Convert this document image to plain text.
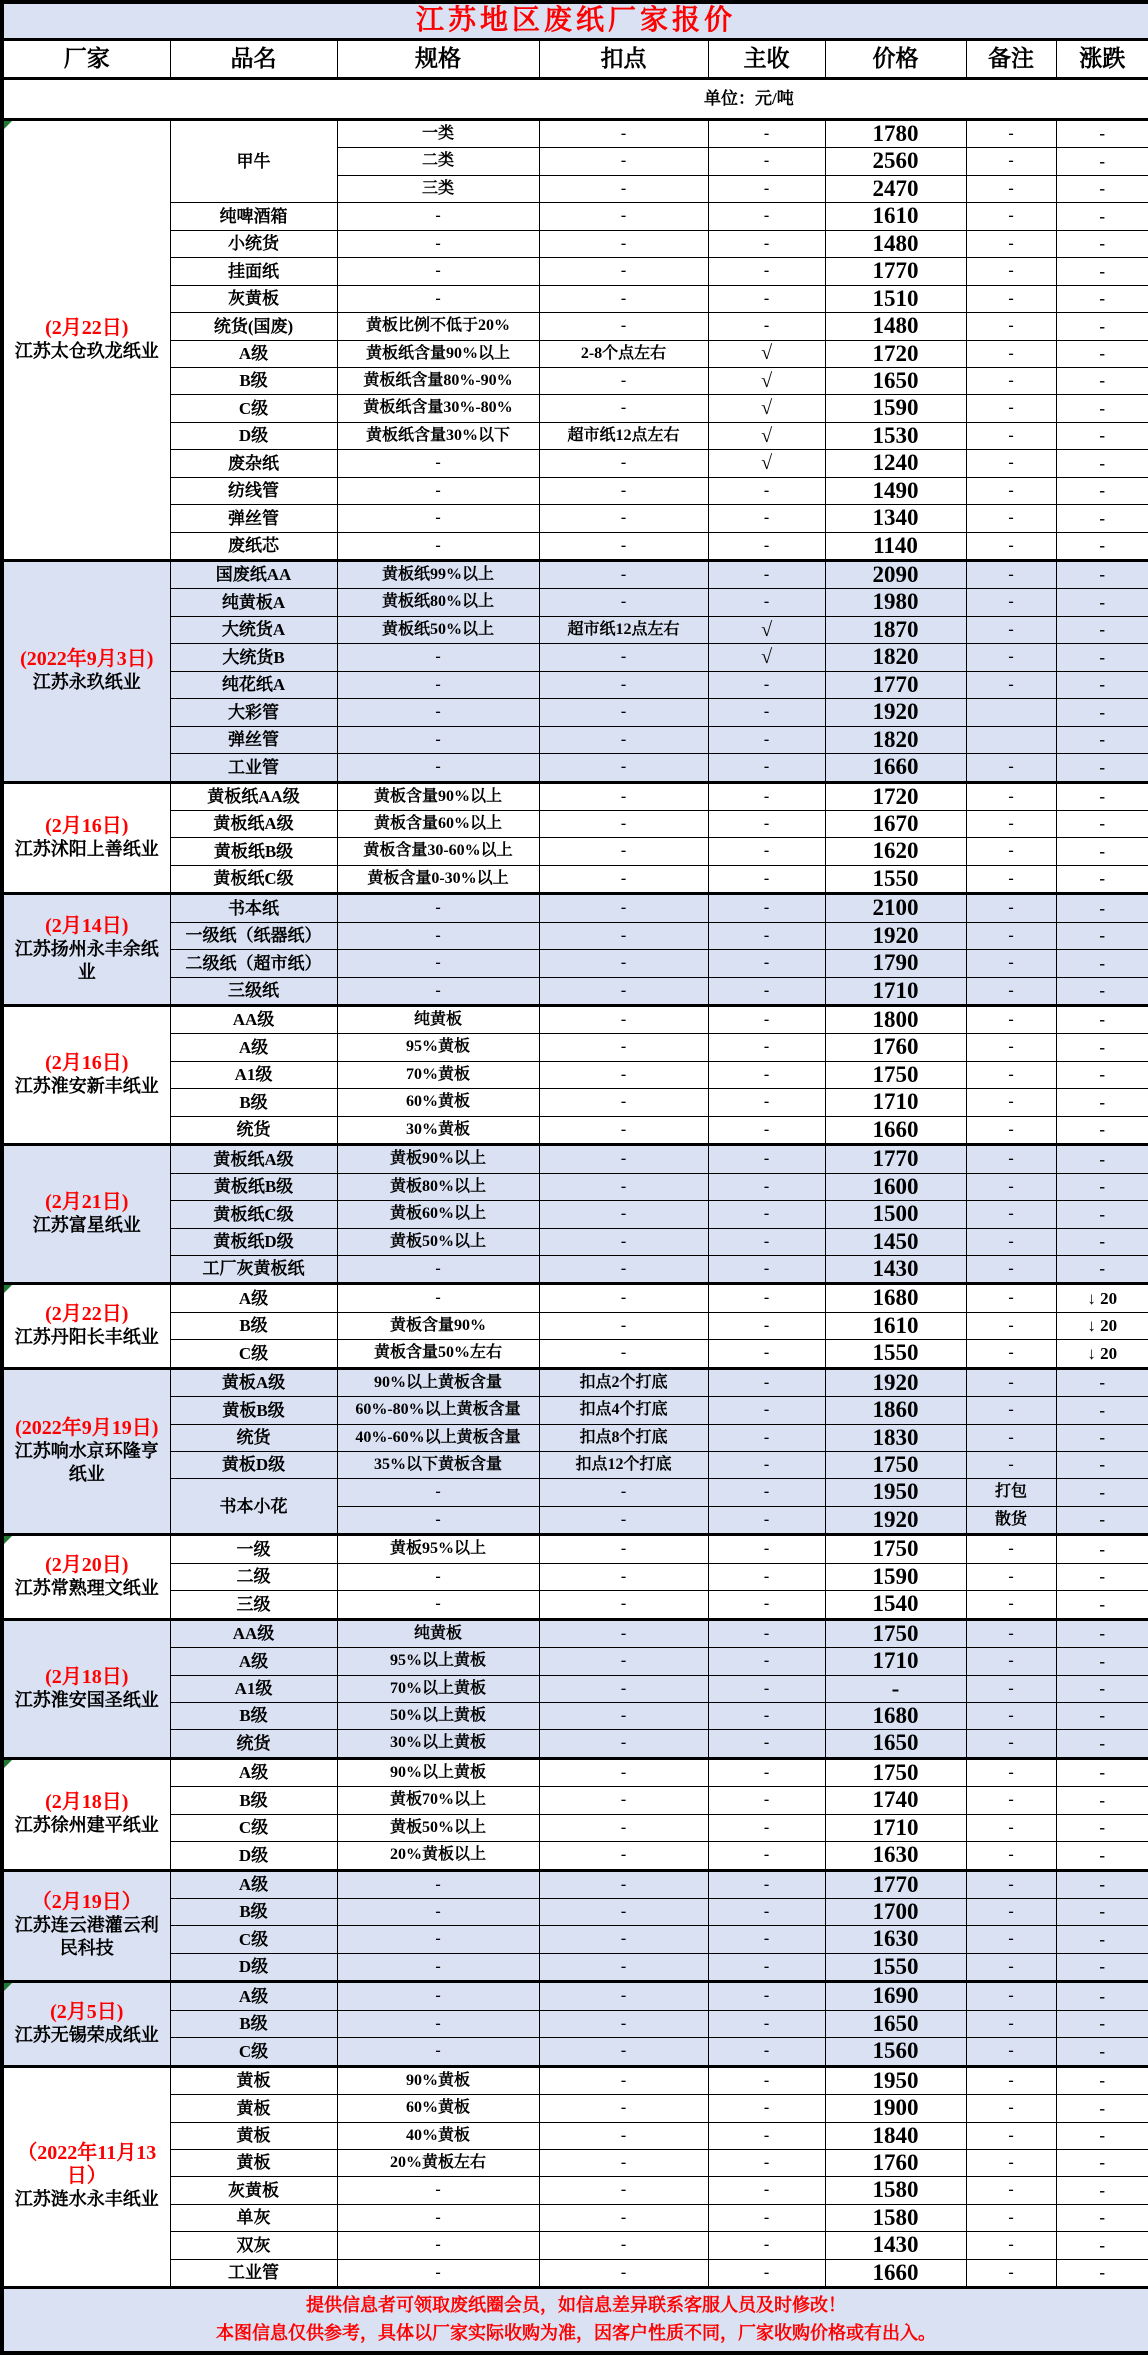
江苏地区废纸厂家报价							
厂家	品名	规格	扣点	主收	价格	备注	涨跌
单位：元/吨							

(2月22日)
江苏太仓玖龙纸业	甲牛	一类	-	-	1780	-	-
		二类	-	-	2560	-	-
		三类	-	-	2470	-	-
	纯啤酒箱	-	-	-	1610	-	-
	小统货	-	-	-	1480	-	-
	挂面纸	-	-	-	1770	-	-
	灰黄板	-	-	-	1510	-	-
	统货(国废)	黄板比例不低于20%	-	-	1480	-	-
	A级	黄板纸含量90%以上	2-8个点左右	√	1720	-	-
	B级	黄板纸含量80%-90%	-	√	1650	-	-
	C级	黄板纸含量30%-80%	-	√	1590	-	-
	D级	黄板纸含量30%以下	超市纸12点左右	√	1530	-	-
	废杂纸	-	-	√	1240	-	-
	纺线管	-	-	-	1490	-	-
	弹丝管	-	-	-	1340	-	-
	废纸芯	-	-	-	1140	-	-

(2022年9月3日)
江苏永玖纸业	国废纸AA	黄板纸99%以上	-	-	2090	-	-
	纯黄板A	黄板纸80%以上	-	-	1980	-	-
	大统货A	黄板纸50%以上	超市纸12点左右	√	1870	-	-
	大统货B	-	-	√	1820	-	-
	纯花纸A	-	-	-	1770	-	-
	大彩管	-	-	-	1920		-
	弹丝管	-	-	-	1820		-
	工业管	-	-	-	1660	-	-

(2月16日)
江苏沭阳上善纸业	黄板纸AA级	黄板含量90%以上	-	-	1720	-	-
	黄板纸A级	黄板含量60%以上	-	-	1670	-	-
	黄板纸B级	黄板含量30-60%以上	-	-	1620	-	-
	黄板纸C级	黄板含量0-30%以上	-	-	1550	-	-

(2月14日)
江苏扬州永丰余纸业	书本纸	-	-	-	2100	-	-
	一级纸（纸器纸）	-	-	-	1920	-	-
	二级纸（超市纸）	-	-	-	1790	-	-
	三级纸	-	-	-	1710	-	-

(2月16日)
江苏淮安新丰纸业	AA级	纯黄板	-	-	1800	-	-
	A级	95%黄板	-	-	1760	-	-
	A1级	70%黄板	-	-	1750	-	-
	B级	60%黄板	-	-	1710	-	-
	统货	30%黄板	-	-	1660	-	-

(2月21日)
江苏富星纸业	黄板纸A级	黄板90%以上	-	-	1770	-	-
	黄板纸B级	黄板80%以上	-	-	1600	-	-
	黄板纸C级	黄板60%以上	-	-	1500	-	-
	黄板纸D级	黄板50%以上	-	-	1450	-	-
	工厂灰黄板纸	-	-	-	1430	-	-

(2月22日)
江苏丹阳长丰纸业	A级	-	-	-	1680	-	↓ 20
	B级	黄板含量90%	-	-	1610	-	↓ 20
	C级	黄板含量50%左右	-	-	1550	-	↓ 20

(2022年9月19日)
江苏响水京环隆亨纸业	黄板A级	90%以上黄板含量	扣点2个打底	-	1920	-	-
	黄板B级	60%-80%以上黄板含量	扣点4个打底	-	1860	-	-
	统货	40%-60%以上黄板含量	扣点8个打底	-	1830	-	-
	黄板D级	35%以下黄板含量	扣点12个打底	-	1750	-	-
	书本小花	-	-	-	1950	打包	-
		-	-	-	1920	散货	-

(2月20日)
江苏常熟理文纸业	一级	黄板95%以上	-	-	1750	-	-
	二级	-	-	-	1590	-	-
	三级	-	-	-	1540	-	-

(2月18日)
江苏淮安国圣纸业	AA级	纯黄板	-	-	1750	-	-
	A级	95%以上黄板	-	-	1710	-	-
	A1级	70%以上黄板	-	-	-	-	-
	B级	50%以上黄板	-	-	1680	-	-
	统货	30%以上黄板	-	-	1650	-	-

(2月18日)
江苏徐州建平纸业	A级	90%以上黄板	-	-	1750	-	-
	B级	黄板70%以上	-	-	1740	-	-
	C级	黄板50%以上	-	-	1710	-	-
	D级	20%黄板以上	-	-	1630	-	-

（2月19日）
江苏连云港灌云利民科技	A级	-	-	-	1770	-	-
	B级	-	-	-	1700	-	-
	C级	-	-	-	1630	-	-
	D级	-	-	-	1550	-	-

(2月5日)
江苏无锡荣成纸业	A级	-	-	-	1690	-	-
	B级	-	-	-	1650	-	-
	C级	-	-	-	1560	-	-

（2022年11月13日）
江苏涟水永丰纸业	黄板	90%黄板	-	-	1950	-	-
	黄板	60%黄板	-	-	1900	-	-
	黄板	40%黄板	-	-	1840	-	-
	黄板	20%黄板左右	-	-	1760	-	-
	灰黄板	-	-	-	1580	-	-
	单灰	-	-	-	1580	-	-
	双灰	-	-	-	1430	-	-
	工业管	-	-	-	1660	-	-

提供信息者可领取废纸圈会员，如信息差异联系客服人员及时修改！
本图信息仅供参考，具体以厂家实际收购为准，因客户性质不同，厂家收购价格或有出入。							
